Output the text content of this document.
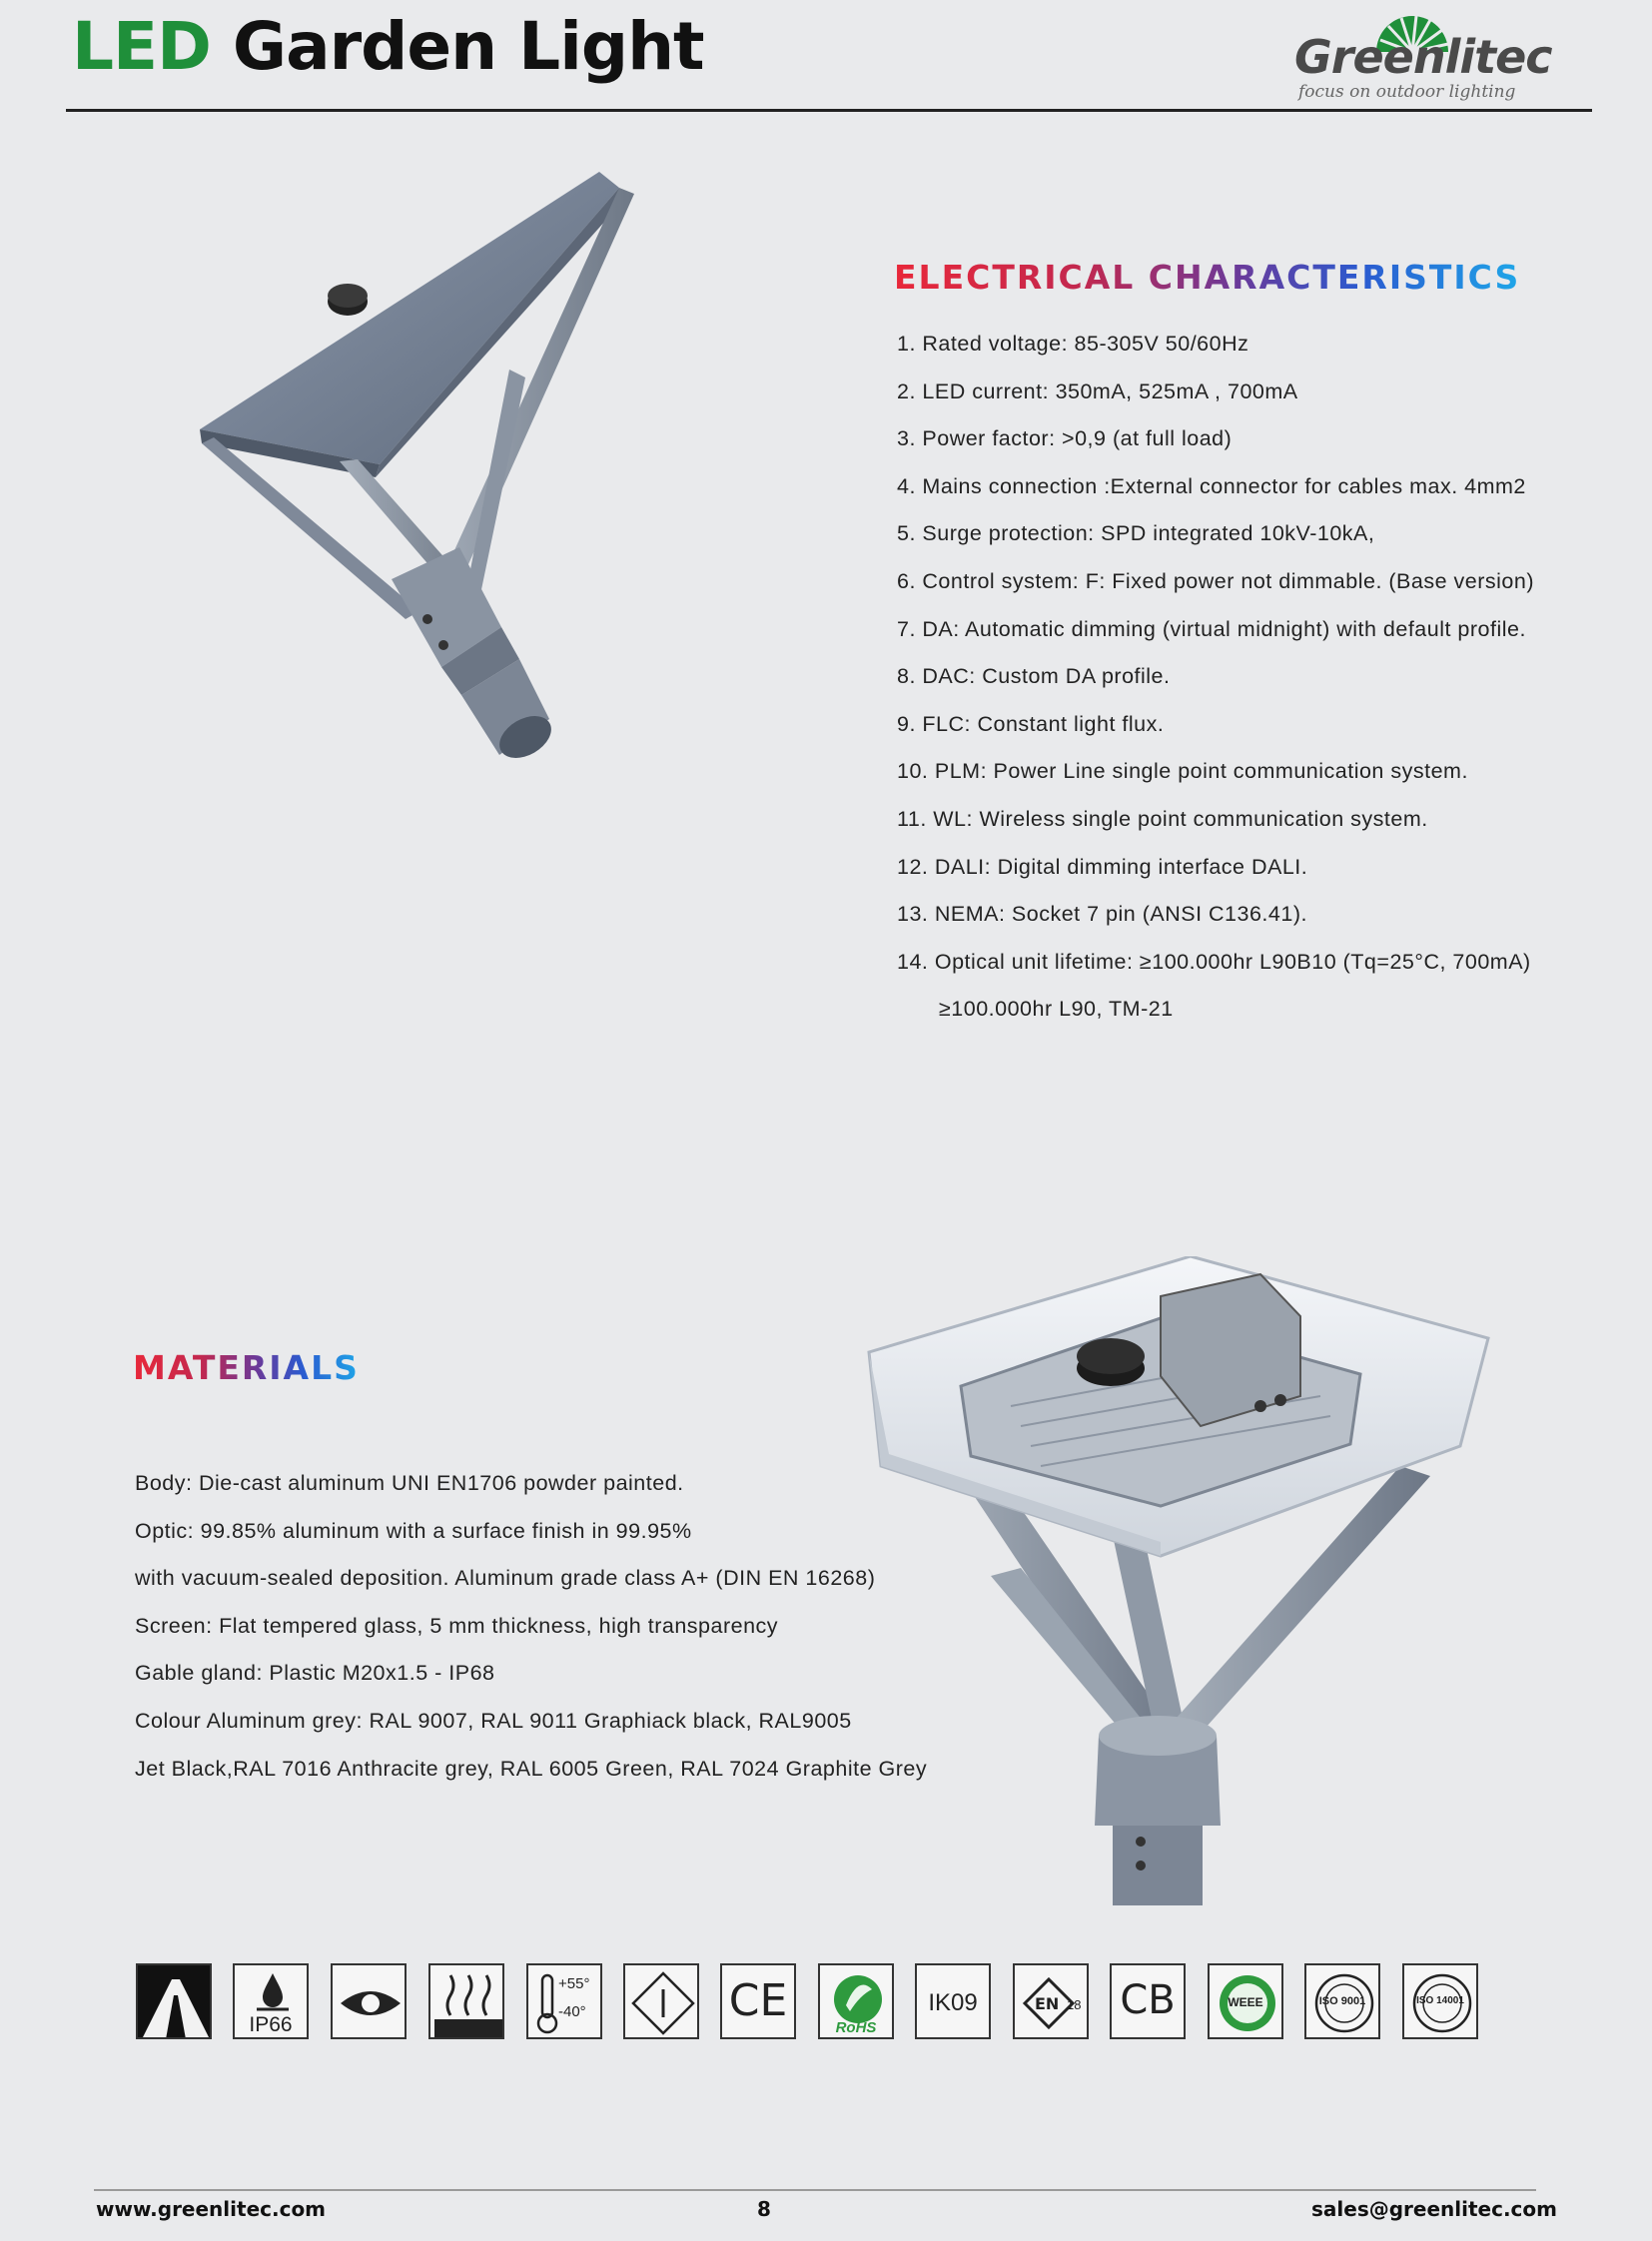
LED Garden Light	Greenlitec
focus on outdoor lighting
ELECTRICAL CHARACTERISTICS
1. Rated voltage: 85-305V 50/60Hz
2. LED current: 350mA, 525mA , 700mA
3. Power factor: >0,9 (at full load)
4. Mains connection :External connector for cables max. 4mm2
5. Surge protection: SPD integrated 10kV-10kA,
6. Control system: F: Fixed power not dimmable. (Base version)
7. DA: Automatic dimming (virtual midnight) with default profile.
8. DAC: Custom DA profile.
9. FLC: Constant light flux.
10. PLM: Power Line single point communication system.
11. WL: Wireless single point communication system.
12. DALI: Digital dimming interface DALI.
13. NEMA: Socket 7 pin (ANSI C136.41).
14. Optical unit lifetime: ≥100.000hr L90B10 (Tq=25°C, 700mA)
≥100.000hr L90, TM-21
MATERIALS
Body: Die-cast aluminum UNI EN1706 powder painted.
Optic: 99.85% aluminum with a surface finish in 99.95%
with vacuum-sealed deposition. Aluminum grade class A+ (DIN EN 16268)
Screen: Flat tempered glass, 5 mm thickness, high transparency
Gable gland: Plastic M20x1.5 - IP68
Colour Aluminum grey: RAL 9007, RAL 9011 Graphiack black, RAL9005
Jet Black,RAL 7016 Anthracite grey, RAL 6005 Green, RAL 7024 Graphite Grey
IP66
+55°
-40°	CE
RoHS
IK09	EN 18 CB	WEEE	ISO 9001	ISO 14001
www.greenlitec.com	8	sales@greenlitec.com
